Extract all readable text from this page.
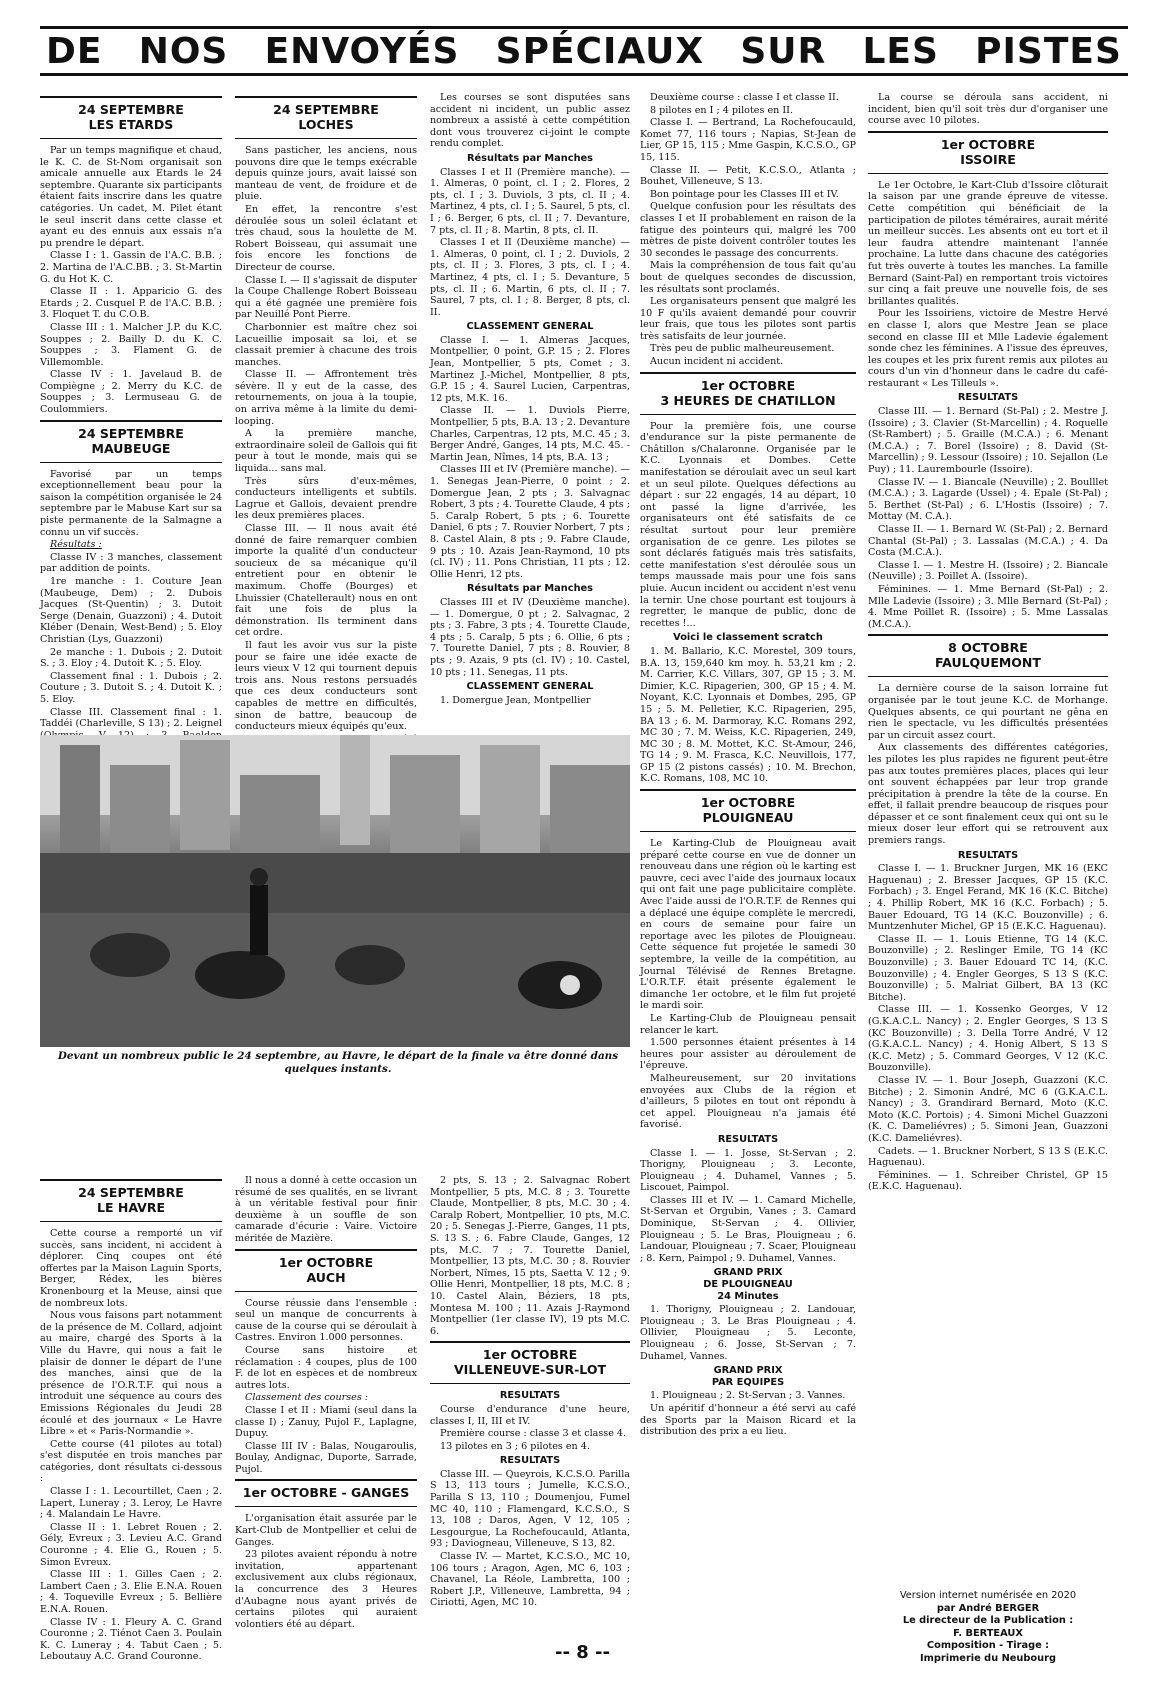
DE NOS ENVOYÉS SPÉCIAUX SUR LES PISTES
24 SEPTEMBRE
LES ETARDS

Par un temps magnifique et chaud, le K. C. de St-Nom organisait son amicale annuelle aux Etards le 24 septembre. Quarante six participants étaient faits inscrire dans les quatre catégories. Un cadet, M. Pilet étant le seul inscrit dans cette classe et ayant eu des ennuis aux essais n'a pu prendre le départ.

Classe I : 1. Gassin de l'A.C. B.B. ; 2. Martina de l'A.C.BB. ; 3. St-Martin G. du Hot K. C.

Classe II : 1. Apparicio G. des Etards ; 2. Cusquel P. de l'A.C. B.B. ; 3. Floquet T. du C.O.B.

Classe III : 1. Malcher J.P. du K.C. Souppes ; 2. Bailly D. du K. C. Souppes ; 3. Flament G. de Villemomble.

Classe IV : 1. Javelaud B. de Compiègne ; 2. Merry du K.C. de Souppes ; 3. Lermuseau G. de Coulommiers.

24 SEPTEMBRE
MAUBEUGE

Favorisé par un temps exceptionnellement beau pour la saison la compétition organisée le 24 septembre par le Mabuse Kart sur sa piste permanente de la Salmagne a connu un vif succès.

Résultats :

Classe IV : 3 manches, classement par addition de points.

1re manche : 1. Couture Jean (Maubeuge, Dem) ; 2. Dubois Jacques (St-Quentin) ; 3. Dutoit Serge (Denain, Guazzoni) ; 4. Dutoit Kléber (Denain, West-Bend) ; 5. Eloy Christian (Lys, Guazzoni)

2e manche : 1. Dubois ; 2. Dutoit S. ; 3. Eloy ; 4. Dutoit K. ; 5. Eloy.

Classement final : 1. Dubois ; 2. Couture ; 3. Dutoit S. ; 4. Dutoit K. ; 5. Eloy.

Classe III. Classement final : 1. Taddéi (Charleville, S 13) ; 2. Leignel

24 SEPTEMBRE
LOCHES

Sans pasticher, les anciens, nous pouvons dire que le temps exécrable depuis quinze jours, avait laissé son manteau de vent, de froidure et de pluie.

En effet, la rencontre s'est déroulée sous un soleil éclatant et très chaud, sous la houlette de M. Robert Boisseau, qui assumait une fois encore les fonctions de Directeur de course.

Classe I. — Il s'agissait de disputer la Coupe Challenge Robert Boisseau qui a été gagnée une première fois par Neuillé Pont Pierre.

Charbonnier est maître chez soi Lacueillie imposait sa loi, et se classait premier à chacune des trois manches.

Classe II. — Affrontement très sévère. Il y eut de la casse, des retournements, on joua à la toupie, on arriva même à la limite du demi-looping.

A la première manche, extraordinaire soleil de Gallois qui fit peur à tout le monde, mais qui se liquida... sans mal.

Très sûrs d'eux-mêmes, conducteurs intelligents et subtils. Lagrue et Gallois, devaient prendre les deux premières places.

Classe III. — Il nous avait été donné de faire remarquer combien importe la qualité d'un conducteur soucieux de sa mécanique qu'il entretient pour en obtenir le maximum. Choffe (Bourges) et Lhuissier (Chatellerault) nous en ont fait une fois de plus la démonstration. Ils terminent dans cet ordre.

Il faut les avoir vus sur la piste pour se faire une idée exacte de leurs vieux V 12 qui tournent depuis trois ans. Nous restons persuadés que ces deux conducteurs sont capables de mettre en difficultés, sinon de battre, beaucoup de conducteurs mieux équipés qu'eux.

Les courses se sont disputées sans accident ni incident, un public assez nombreux a assisté à cette compétition dont vous trouverez ci-joint le compte rendu complet.

Résultats par Manches

Classes I et II (Première manche). — 1. Almeras, 0 point, cl. I ; 2. Flores, 2 pts, cl. I ; 3. Duviols, 3 pts, cl. II ; 4. Martinez, 4 pts, cl. I ; 5. Saurel, 5 pts, cl. I ; 6. Berger, 6 pts, cl. II ; 7. Devanture, 7 pts, cl. II ; 8. Martin, 8 pts, cl. II.

Classes I et II (Deuxième manche) — 1. Almeras, 0 point, cl. I ; 2. Duviols, 2 pts, cl. II ; 3. Flores, 3 pts, cl. I ; 4. Martinez, 4 pts, cl. I ; 5. Devanture, 5 pts, cl. II ; 6. Martin, 6 pts, cl. II ; 7. Saurel, 7 pts, cl. I ; 8. Berger, 8 pts, cl. II.

CLASSEMENT GENERAL

Classe I. — 1. Almeras Jacques, Montpellier, 0 point, G.P. 15 ; 2. Flores Jean, Montpellier, 5 pts, Comet ; 3. Martinez J.-Michel, Montpellier, 8 pts, G.P. 15 ; 4. Saurel Lucien, Carpentras, 12 pts, M.K. 16.

Classe II. — 1. Duviols Pierre, Montpellier, 5 pts, B.A. 13 ; 2. Devanture Charles, Carpentras, 12 pts, M.C. 45 ; 3. Berger André, Ganges, 14 pts, M.C. 45. -Martin Jean, Nîmes, 14 pts, B.A. 13 ;

Classes III et IV (Première manche). — 1. Senegas Jean-Pierre, 0 point ; 2. Domergue Jean, 2 pts ; 3. Salvagnac Robert, 3 pts ; 4. Tourette Claude, 4 pts ; 5. Caralp Robert, 5 pts ; 6. Tourette Daniel, 6 pts ; 7. Rouvier Norbert, 7 pts ; 8. Castel Alain, 8 pts ; 9. Fabre Claude, 9 pts ; 10. Azais Jean-Raymond, 10 pts (cl. IV) ; 11. Pons Christian, 11 pts ; 12. Ollie Henri, 12 pts.

Résultats par Manches

Classes III et IV (Deuxième manche). — 1. Domergue, 0 pt ; 2. Salvagnac, 2 pts ; 3. Fabre, 3 pts ; 4. Tourette Claude, 4 pts ; 5. Caralp, 5 pts ; 6. Ollie, 6 pts ; 7. Tourette Daniel, 7 pts ; 8. Rouvier, 8 pts ; 9. Azais, 9 pts (cl. IV) ; 10. Castel, 10 pts ; 11. Senegas, 11 pts.

CLASSEMENT GENERAL

1. Domergue Jean, Montpellier

Deuxième course : classe I et classe II.

8 pilotes en I ; 4 pilotes en II.

Classe I. — Bertrand, La Rochefoucauld, Komet 77, 116 tours ; Napias, St-Jean de Lier, GP 15, 115 ; Mme Gaspin, K.C.S.O., GP 15, 115.

Classe II. — Petit, K.C.S.O., Atlanta ; Bouhet, Villeneuve, S 13.

Bon pointage pour les Classes III et IV.

Quelque confusion pour les résultats des classes I et II probablement en raison de la fatigue des pointeurs qui, malgré les 700 mètres de piste doivent contrôler toutes les 30 secondes le passage des concurrents.

Mais la compréhension de tous fait qu'au bout de quelques secondes de discussion, les résultats sont proclamés.

Les organisateurs pensent que malgré les 10 F qu'ils avaient demandé pour couvrir leur frais, que tous les pilotes sont partis très satisfaits de leur journée.

Très peu de public malheureusement.

Aucun incident ni accident.

1er OCTOBRE
3 HEURES DE CHATILLON

Pour la première fois, une course d'endurance sur la piste permanente de Châtillon s/Chalaronne. Organisée par le K.C. Lyonnais et Dombes. Cette manifestation se déroulait avec un seul kart et un seul pilote. Quelques défections au départ : sur 22 engagés, 14 au départ, 10 ont passé la ligne d'arrivée, les organisateurs ont été satisfaits de ce résultat surtout pour leur première organisation de ce genre. Les pilotes se sont déclarés fatigués mais très satisfaits, cette manifestation s'est déroulée sous un temps maussade mais pour une fois sans pluie. Aucun incident ou accident n'est venu la ternir. Une chose pourtant est toujours à regretter, le manque de public, donc de recettes !...

Voici le classement scratch

1. M. Ballario, K.C. Morestel, 309 tours, B.A. 13, 159,640 km moy. h. 53,21 km ; 2. M. Carrier, K.C. Villars, 307, GP 15 ; 3. M. Dimier, K.C. Ripagerien, 300, GP 15 ; 4. M. Noyant, K.C. Lyonnais et Dombes, 295, GP 15 ; 5. M. Pelletier, K.C. Ripagerien, 295, BA 13 ; 6. M. Darmoray, K.C. Romans 292, MC 30 ; 7. M. Weiss, K.C. Ripagerien, 249, MC 30 ; 8. M. Mottet, K.C. St-Amour, 246, TG 14 ; 9. M. Frasca, K.C. Neuvillois, 177, GP 15 (2 pistons cassés) ; 10. M. Brechon, K.C. Romans, 108, MC 10.

1er OCTOBRE
PLOUIGNEAU

Le Karting-Club de Plouigneau avait préparé cette course en vue de donner un renouveau dans une région où le karting est pauvre, ceci avec l'aide des journaux locaux qui ont fait une page publicitaire complète. Avec l'aide aussi de l'O.R.T.F. de Rennes qui a déplacé une équipe complète le mercredi, en cours de semaine pour faire un reportage avec les pilotes de Plouigneau. Cette séquence fut projetée le samedi 30 septembre, la veille de la compétition, au Journal Télévisé de Rennes Bretagne. L'O.R.T.F. était présente également le dimanche 1er octobre, et le film fut projeté le mardi soir.

Le Karting-Club de Plouigneau pensait relancer le kart.

1.500 personnes étaient présentes à 14 heures pour assister au déroulement de l'épreuve.

Malheureusement, sur 20 invitations envoyées aux Clubs de la région et d'ailleurs, 5 pilotes en tout ont répondu à cet appel. Plouigneau n'a jamais été favorisé.

RESULTATS

Classe I. — 1. Josse, St-Servan ; 2. Thorigny, Plouigneau ; 3. Leconte, Plouigneau ; 4. Duhamel, Vannes ; 5. Liscouet, Paimpol.

Classes III et IV. — 1. Camard Michelle, St-Servan et Orgubin, Vanes ; 3. Camard Dominique, St-Servan ; 4. Ollivier, Plouigneau ; 5. Le Bras, Plouigneau ; 6. Landouar, Plouigneau ; 7. Scaer, Plouigneau ; 8. Kern, Paimpol ; 9. Duhamel, Vannes.

GRAND PRIX
DE PLOUIGNEAU
24 Minutes

1. Thorigny, Plouigneau ; 2. Landouar, Plouigneau ; 3. Le Bras Plouigneau ; 4. Ollivier, Plouigneau ; 5. Leconte, Plouigneau ; 6. Josse, St-Servan ; 7. Duhamel, Vannes.

GRAND PRIX
PAR EQUIPES

1. Plouigneau ; 2. St-Servan ; 3. Vannes.

Un apéritif d'honneur a été servi au café des Sports par la Maison Ricard et la distribution des prix a eu lieu.

La course se déroula sans accident, ni incident, bien qu'il soit très dur d'organiser une course avec 10 pilotes.

1er OCTOBRE
ISSOIRE

Le 1er Octobre, le Kart-Club d'Issoire clôturait la saison par une grande épreuve de vitesse. Cette compétition qui bénéficiait de la participation de pilotes téméraires, aurait mérité un meilleur succès. Les absents ont eu tort et il leur faudra attendre maintenant l'année prochaine. La lutte dans chacune des catégories fut très ouverte à toutes les manches. La famille Bernard (Saint-Pal) en remportant trois victoires sur cinq a fait preuve une nouvelle fois, de ses brillantes qualités.

Pour les Issoiriens, victoire de Mestre Hervé en classe I, alors que Mestre Jean se place second en classe III et Mlle Ladevie également sonde chez les féminines. A l'issue des épreuves, les coupes et les prix furent remis aux pilotes au cours d'un vin d'honneur dans le cadre du café-restaurant « Les Tilleuls ».

RESULTATS

Classe III. — 1. Bernard (St-Pal) ; 2. Mestre J. (Issoire) ; 3. Clavier (St-Marcellin) ; 4. Roquelle (St-Rambert) ; 5. Graille (M.C.A.) ; 6. Menant (M.C.A.) ; 7. Borel (Issoire) ; 8. David (St-Marcellin) ; 9. Lessour (Issoire) ; 10. Sejallon (Le Puy) ; 11. Laurembourle (Issoire).

Classe IV. — 1. Biancale (Neuville) ; 2. Boulllet (M.C.A.) ; 3. Lagarde (Ussel) ; 4. Epale (St-Pal) ; 5. Berthet (St-Pal) ; 6. L'Hostis (Issoire) ; 7. Mottay (M. C.A.).

Classe II. — 1. Bernard W. (St-Pal) ; 2. Bernard Chantal (St-Pal) ; 3. Lassalas (M.C.A.) ; 4. Da Costa (M.C.A.).

Classe I. — 1. Mestre H. (Issoire) ; 2. Biancale (Neuville) ; 3. Poillet A. (Issoire).

Féminines. — 1. Mme Bernard (St-Pal) ; 2. Mlle Ladevie (Issoire) ; 3. Mlle Bernard (St-Pal) ; 4. Mme Poillet R. (Issoire) ; 5. Mme Lassalas (M.C.A.).

8 OCTOBRE
FAULQUEMONT

La dernière course de la saison lorraine fut organisée par le tout jeune K.C. de Morhange. Quelques absents, ce qui pourtant ne gêna en rien le spectacle, vu les difficultés présentées par un circuit assez court.

Aux classements des différentes catégories, les pilotes les plus rapides ne figurent peut-être pas aux toutes premières places, places qui leur ont souvent échappées par leur trop grande précipitation à prendre la tête de la course. En effet, il fallait prendre beaucoup de risques pour dépasser et ce sont finalement ceux qui ont su le mieux doser leur effort qui se retrouvent aux premiers rangs.

RESULTATS

Classe I. — 1. Bruckner Jurgen, MK 16 (EKC Haguenau) ; 2. Bresser Jacques, GP 15 (K.C. Forbach) ; 3. Engel Ferand, MK 16 (K.C. Bitche) ; 4. Phillip Robert, MK 16 (K.C. Forbach) ; 5. Bauer Edouard, TG 14 (K.C. Bouzonville) ; 6. Muntzenhuter Michel, GP 15 (E.K.C. Haguenau).

Classe II. — 1. Louis Etienne, TG 14 (K.C. Bouzonville) ; 2. Reslinger Emile, TG 14 (KC Bouzonville) ; 3. Bauer Edouard TC 14, (K.C. Bouzonville) ; 4. Engler Georges, S 13 S (K.C. Bouzonville) ; 5. Malriat Gilbert, BA 13 (KC Bitche).

Classe III. — 1. Kossenko Georges, V 12 (G.K.A.C.L. Nancy) ; 2. Engler Georges, S 13 S (KC Bouzonville) ; 3. Della Torre André, V 12 (G.K.A.C.L. Nancy) ; 4. Honig Albert, S 13 S (K.C. Metz) ; 5. Commard Georges, V 12 (K.C. Bouzonville).

Classe IV. — 1. Bour Joseph, Guazzoni (K.C. Bitche) ; 2. Simonin André, MC 6 (G.K.A.C.L. Nancy) ; 3. Grandirard Bernard, Moto (K.C. Moto (K.C. Portois) ; 4. Simoni Michel Guazzoni (K. C. Dameliévres) ; 5. Simoni Jean, Guazzoni (K.C. Dameliévres).

Cadets. — 1. Bruckner Norbert, S 13 S (E.K.C. Haguenau).

Féminines. — 1. Schreiber Christel, GP 15 (E.K.C. Haguenau).

Devant un nombreux public le 24 septembre, au Havre, le départ de la finale va être donné dans quelques instants.
24 SEPTEMBRE
LE HAVRE

Cette course a remporté un vif succès, sans incident, ni accident à déplorer. Cinq coupes ont été offertes par la Maison Laguin Sports, Berger, Rédex, les bières Kronenbourg et la Meuse, ainsi que de nombreux lots.

Nous vous faisons part notamment de la présence de M. Collard, adjoint au maire, chargé des Sports à la Ville du Havre, qui nous a fait le plaisir de donner le départ de l'une des manches, ainsi que de la présence de l'O.R.T.F. qui nous a introduit une séquence au cours des Emissions Régionales du Jeudi 28 écoulé et des journaux « Le Havre Libre » et « Paris-Normandie ».

Cette course (41 pilotes au total) s'est disputée en trois manches par catégories, dont résultats ci-dessous :

Classe I : 1. Lecourtillet, Caen ; 2. Lapert, Luneray ; 3. Leroy, Le Havre ; 4. Malandain Le Havre.

Classe II : 1. Lebret Rouen ; 2. Gély, Evreux ; 3. Levieu A.C. Grand Couronne ; 4. Elie G., Rouen ; 5. Simon Evreux.

Classe III : 1. Gilles Caen ; 2. Lambert Caen ; 3. Elie E.N.A. Rouen ; 4. Toqueville Evreux ; 5. Bellière E.N.A. Rouen.

Classe IV : 1. Fleury A. C. Grand Couronne ; 2. Tiénot Caen 3. Poulain K. C. Luneray ; 4. Tabut Caen ; 5. Leboutauy A.C. Grand Couronne.

Il nous a donné à cette occasion un résumé de ses qualités, en se livrant à un véritable festival pour finir deuxième à un souffle de son camarade d'écurie : Vaire. Victoire méritée de Mazière.

1er OCTOBRE
AUCH

Course réussie dans l'ensemble : seul un manque de concurrents à cause de la course qui se déroulait à Castres. Environ 1.000 personnes.

Course sans histoire et réclamation : 4 coupes, plus de 100 F. de lot en espèces et de nombreux autres lots.

Classement des courses :

Classe I et II : Miami (seul dans la classe I) ; Zanuy, Pujol F., Laplagne, Dupuy.

Classe III IV : Balas, Nougaroulis, Boulay, Andignac, Duporte, Sarrade, Pujol.

1er OCTOBRE - GANGES

L'organisation était assurée par le Kart-Club de Montpellier et celui de Ganges.

23 pilotes avaient répondu à notre invitation, appartenant exclusivement aux clubs régionaux, la concurrence des 3 Heures d'Aubagne nous ayant privés de certains pilotes qui auraient volontiers été au départ.

2 pts, S. 13 ; 2. Salvagnac Robert Montpellier, 5 pts, M.C. 8 ; 3. Tourette Claude, Montpellier, 8 pts, M.C. 30 ; 4. Caralp Robert, Montpellier, 10 pts, M.C. 20 ; 5. Senegas J.-Pierre, Ganges, 11 pts, S. 13 S. ; 6. Fabre Claude, Ganges, 12 pts, M.C. 7 ; 7. Tourette Daniel, Montpellier, 13 pts, M.C. 30 ; 8. Rouvier Norbert, Nîmes, 15 pts, Saetta V. 12 ; 9. Ollie Henri, Montpellier, 18 pts, M.C. 8 ; 10. Castel Alain, Béziers, 18 pts, Montesa M. 100 ; 11. Azais J-Raymond Montpellier (1er classe IV), 19 pts M.C. 6.

1er OCTOBRE
VILLENEUVE-SUR-LOT
RESULTATS

Course d'endurance d'une heure, classes I, II, III et IV.

Première course : classe 3 et classe 4.

13 pilotes en 3 ; 6 pilotes en 4.

RESULTATS

Classe III. — Queyrois, K.C.S.O. Parilla S 13, 113 tours ; Jumelle, K.C.S.O., Parilla S 13, 110 ; Doumenjou, Fumel MC 40, 110 ; Flamengard, K.C.S.O., S 13, 108 ; Daros, Agen, V 12, 105 ; Lesgourgue, La Rochefoucauld, Atlanta, 93 ; Daviogneau, Villeneuve, S 13, 82.

Classe IV. — Martet, K.C.S.O., MC 10, 106 tours ; Aragon, Agen, MC 6, 103 ; Chavanel, La Réole, Lambretta, 100 ; Robert J.P., Villeneuve, Lambretta, 94 ; Ciriotti, Agen, MC 10.

Version internet numérisée en 2020
par André BERGER
Le directeur de la Publication :
F. BERTEAUX
Composition - Tirage :
Imprimerie du Neubourg
-- 8 --
